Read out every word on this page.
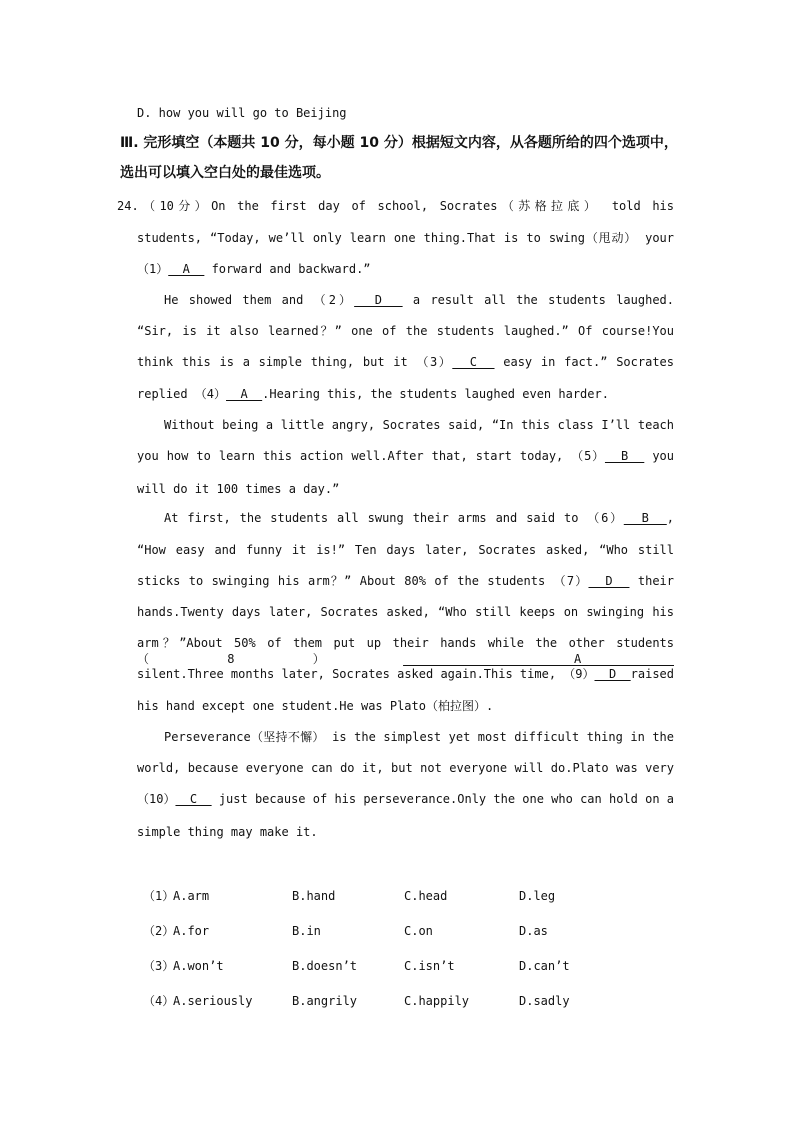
D. how you will go to Beijing
Ⅲ. 完形填空（本题共 10 分，每小题 10 分）根据短文内容，从各题所给的四个选项中，
选出可以填入空白处的最佳选项。
24.（10分）On the first day of school, Socrates（苏格拉底） told his
students, “Today, we’ll only learn one thing.That is to swing（甩动） your
（1）  A   forward and backward.”
He showed them and （2）  D   a result all the students laughed.
“Sir, is it also learned？” one of the students laughed.” Of course!You
think this is a simple thing, but it （3）  C   easy in fact.” Socrates
replied （4）  A  .Hearing this, the students laughed even harder.
Without being a little angry, Socrates said, “In this class I’ll teach
you how to learn this action well.After that, start today, （5）  B   you
will do it 100 times a day.”
At first, the students all swung their arms and said to （6）  B  ,
“How easy and funny it is!” Ten days later, Socrates asked, “Who still
sticks to swinging his arm？” About 80% of the students （7）  D   their
hands.Twenty days later, Socrates asked, “Who still keeps on swinging his
arm？”About 50% of them put up their hands while the other students（8）  A
silent.Three months later, Socrates asked again.This time, （9）  D  raised
his hand except one student.He was Plato（柏拉图）.
Perseverance（坚持不懈） is the simplest yet most difficult thing in the
world, because everyone can do it, but not everyone will do.Plato was very
（10）  C   just because of his perseverance.Only the one who can hold on a
simple thing may make it.
（1）
A.arm	B.hand	C.head	D.leg
（2）
A.for	B.in	C.on	D.as
（3）
A.won’t	B.doesn’t	C.isn’t	D.can’t
（4）
A.seriously	B.angrily	C.happily	D.sadly
